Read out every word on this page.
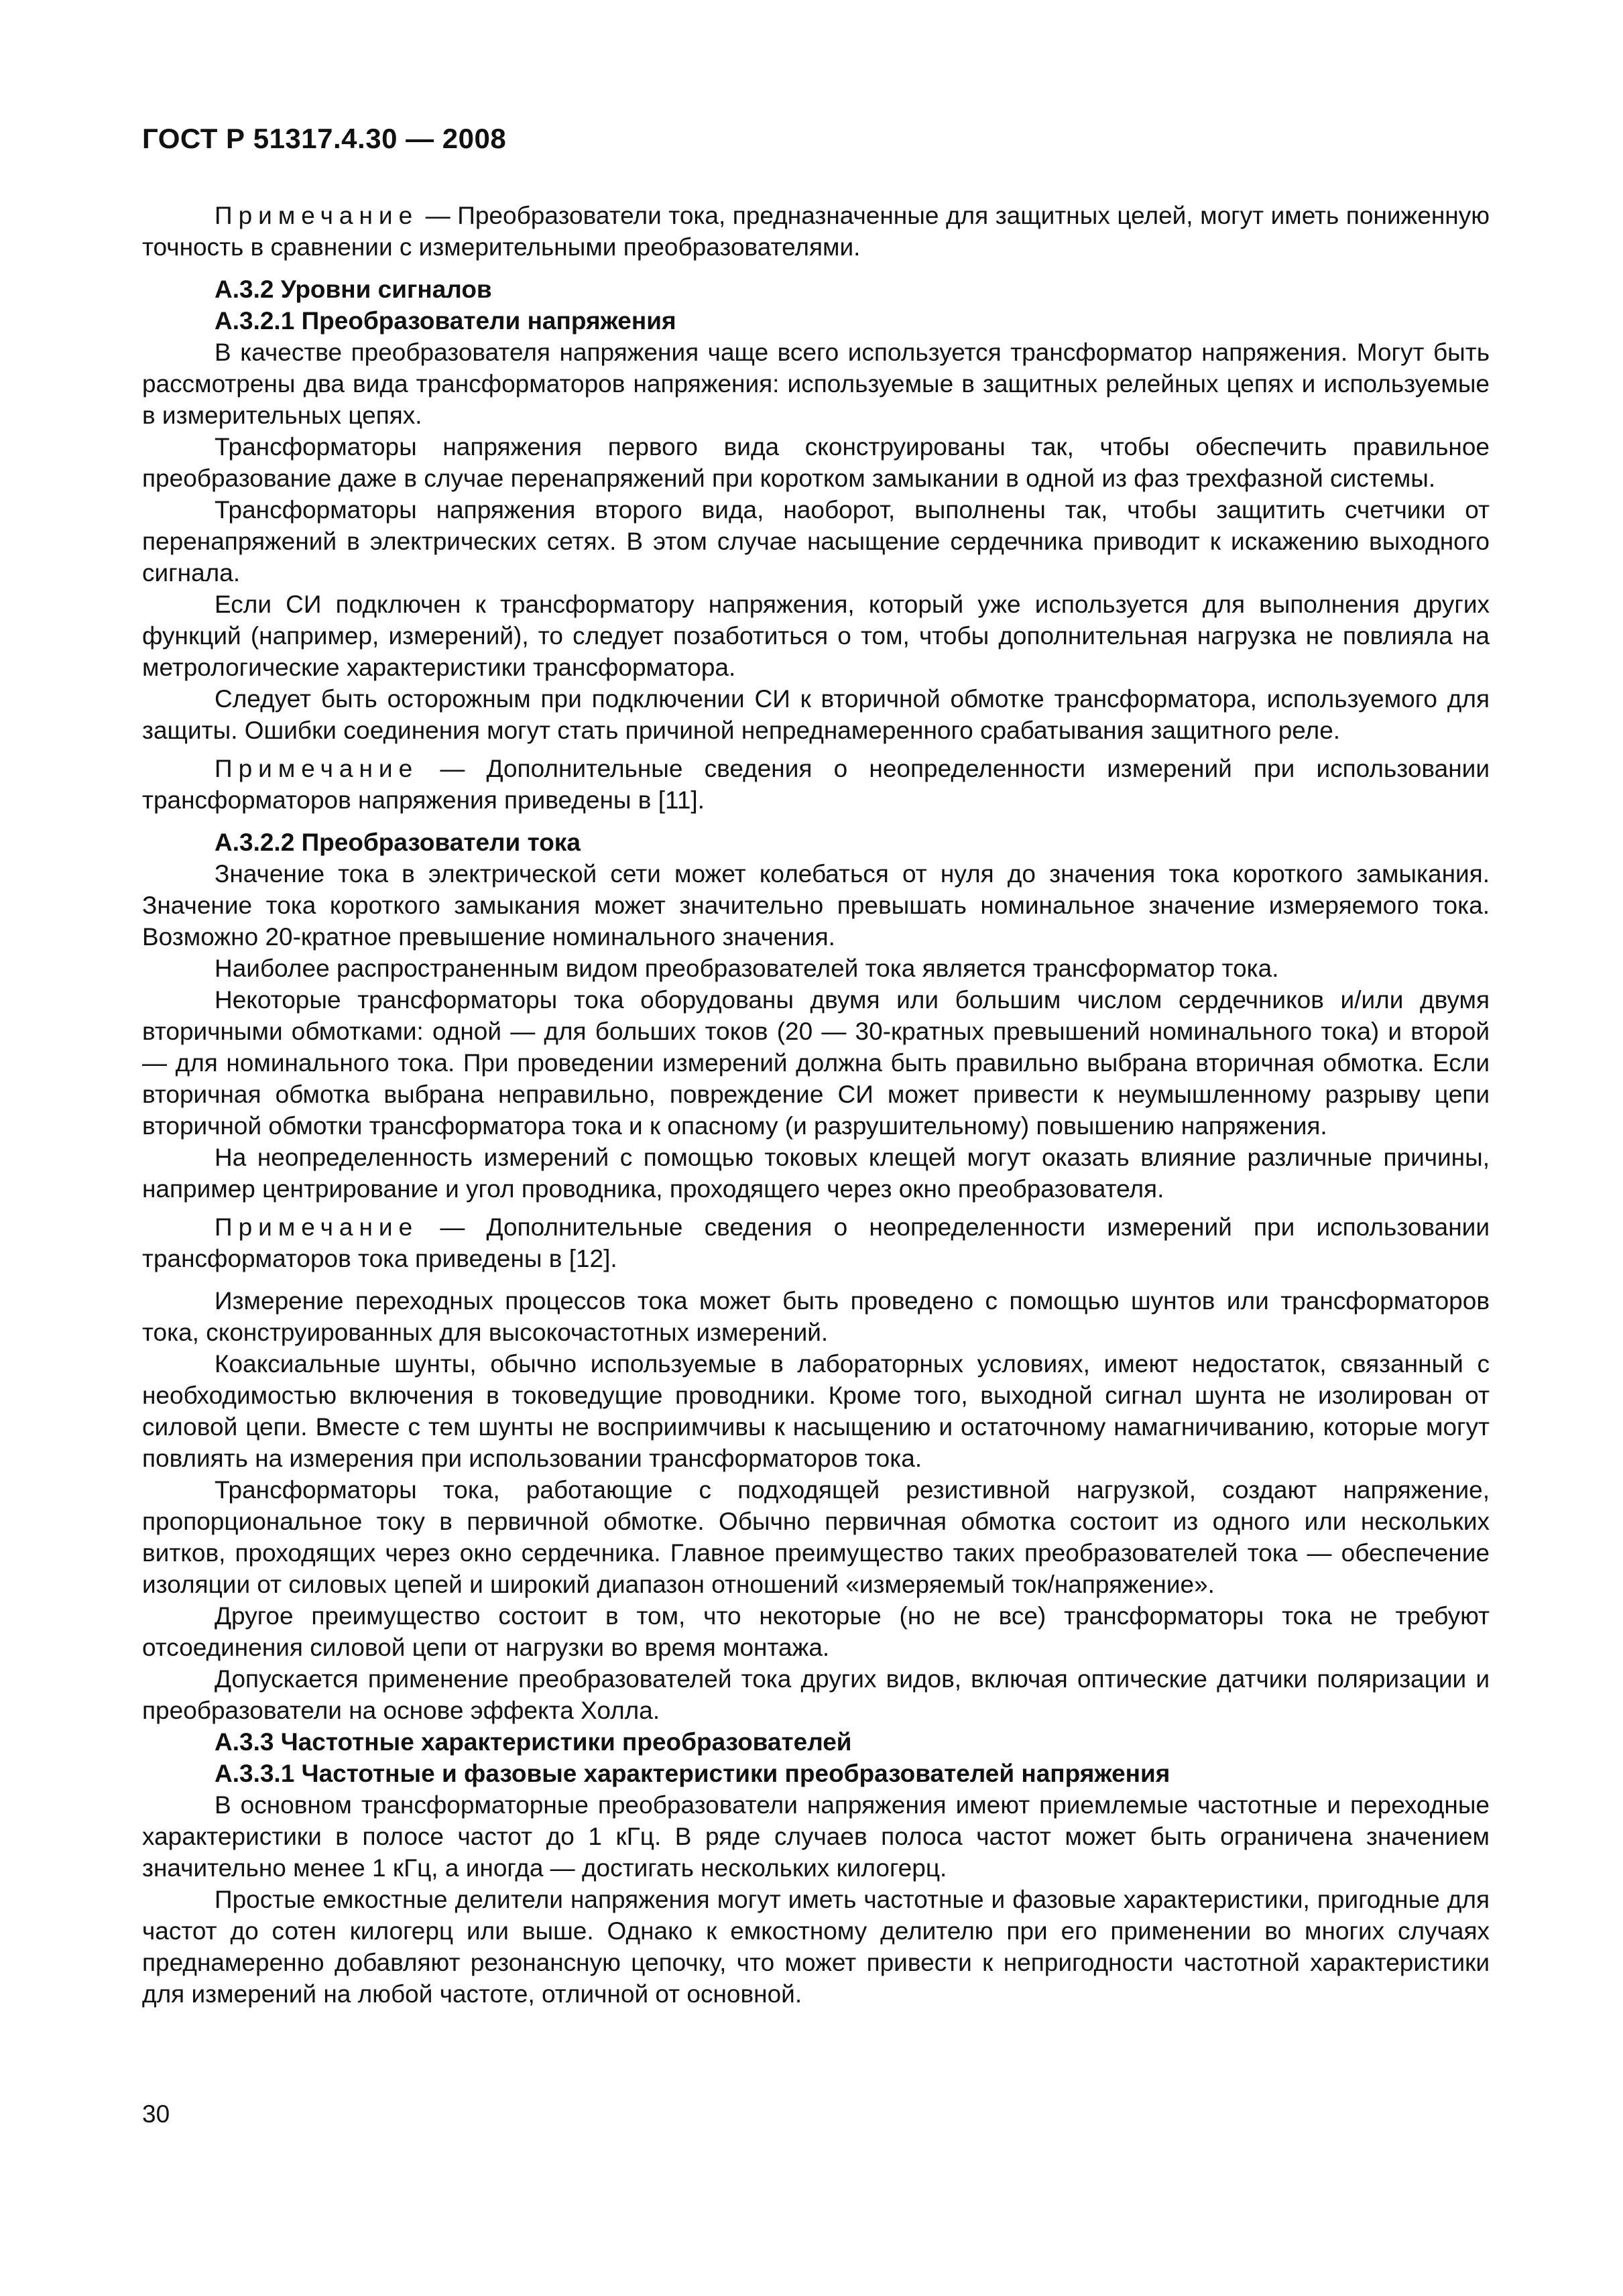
ГОСТ Р 51317.4.30 — 2008

Примечание — Преобразователи тока, предназначенные для защитных целей, могут иметь пониженную точность в сравнении с измерительными преобразователями.

А.3.2 Уровни сигналов
А.3.2.1 Преобразователи напряжения

В качестве преобразователя напряжения чаще всего используется трансформатор напряжения. Могут быть рассмотрены два вида трансформаторов напряжения: используемые в защитных релейных цепях и используемые в измерительных цепях.

Трансформаторы напряжения первого вида сконструированы так, чтобы обеспечить правильное преобразование даже в случае перенапряжений при коротком замыкании в одной из фаз трехфазной системы.

Трансформаторы напряжения второго вида, наоборот, выполнены так, чтобы защитить счетчики от перенапряжений в электрических сетях. В этом случае насыщение сердечника приводит к искажению выходного сигнала.

Если СИ подключен к трансформатору напряжения, который уже используется для выполнения других функций (например, измерений), то следует позаботиться о том, чтобы дополнительная нагрузка не повлияла на метрологические характеристики трансформатора.

Следует быть осторожным при подключении СИ к вторичной обмотке трансформатора, используемого для защиты. Ошибки соединения могут стать причиной непреднамеренного срабатывания защитного реле.

Примечание — Дополнительные сведения о неопределенности измерений при использовании трансформаторов напряжения приведены в [11].

А.3.2.2 Преобразователи тока

Значение тока в электрической сети может колебаться от нуля до значения тока короткого замыкания. Значение тока короткого замыкания может значительно превышать номинальное значение измеряемого тока. Возможно 20-кратное превышение номинального значения.

Наиболее распространенным видом преобразователей тока является трансформатор тока.

Некоторые трансформаторы тока оборудованы двумя или большим числом сердечников и/или двумя вторичными обмотками: одной — для больших токов (20 — 30-кратных превышений номинального тока) и второй — для номинального тока. При проведении измерений должна быть правильно выбрана вторичная обмотка. Если вторичная обмотка выбрана неправильно, повреждение СИ может привести к неумышленному разрыву цепи вторичной обмотки трансформатора тока и к опасному (и разрушительному) повышению напряжения.

На неопределенность измерений с помощью токовых клещей могут оказать влияние различные причины, например центрирование и угол проводника, проходящего через окно преобразователя.

Примечание — Дополнительные сведения о неопределенности измерений при использовании трансформаторов тока приведены в [12].

Измерение переходных процессов тока может быть проведено с помощью шунтов или трансформаторов тока, сконструированных для высокочастотных измерений.

Коаксиальные шунты, обычно используемые в лабораторных условиях, имеют недостаток, связанный с необходимостью включения в токоведущие проводники. Кроме того, выходной сигнал шунта не изолирован от силовой цепи. Вместе с тем шунты не восприимчивы к насыщению и остаточному намагничиванию, которые могут повлиять на измерения при использовании трансформаторов тока.

Трансформаторы тока, работающие с подходящей резистивной нагрузкой, создают напряжение, пропорциональное току в первичной обмотке. Обычно первичная обмотка состоит из одного или нескольких витков, проходящих через окно сердечника. Главное преимущество таких преобразователей тока — обеспечение изоляции от силовых цепей и широкий диапазон отношений «измеряемый ток/напряжение».

Другое преимущество состоит в том, что некоторые (но не все) трансформаторы тока не требуют отсоединения силовой цепи от нагрузки во время монтажа.

Допускается применение преобразователей тока других видов, включая оптические датчики поляризации и преобразователи на основе эффекта Холла.

А.3.3 Частотные характеристики преобразователей
А.3.3.1 Частотные и фазовые характеристики преобразователей напряжения

В основном трансформаторные преобразователи напряжения имеют приемлемые частотные и переходные характеристики в полосе частот до 1 кГц. В ряде случаев полоса частот может быть ограничена значением значительно менее 1 кГц, а иногда — достигать нескольких килогерц.

Простые емкостные делители напряжения могут иметь частотные и фазовые характеристики, пригодные для частот до сотен килогерц или выше. Однако к емкостному делителю при его применении во многих случаях преднамеренно добавляют резонансную цепочку, что может привести к непригодности частотной характеристики для измерений на любой частоте, отличной от основной.

30
